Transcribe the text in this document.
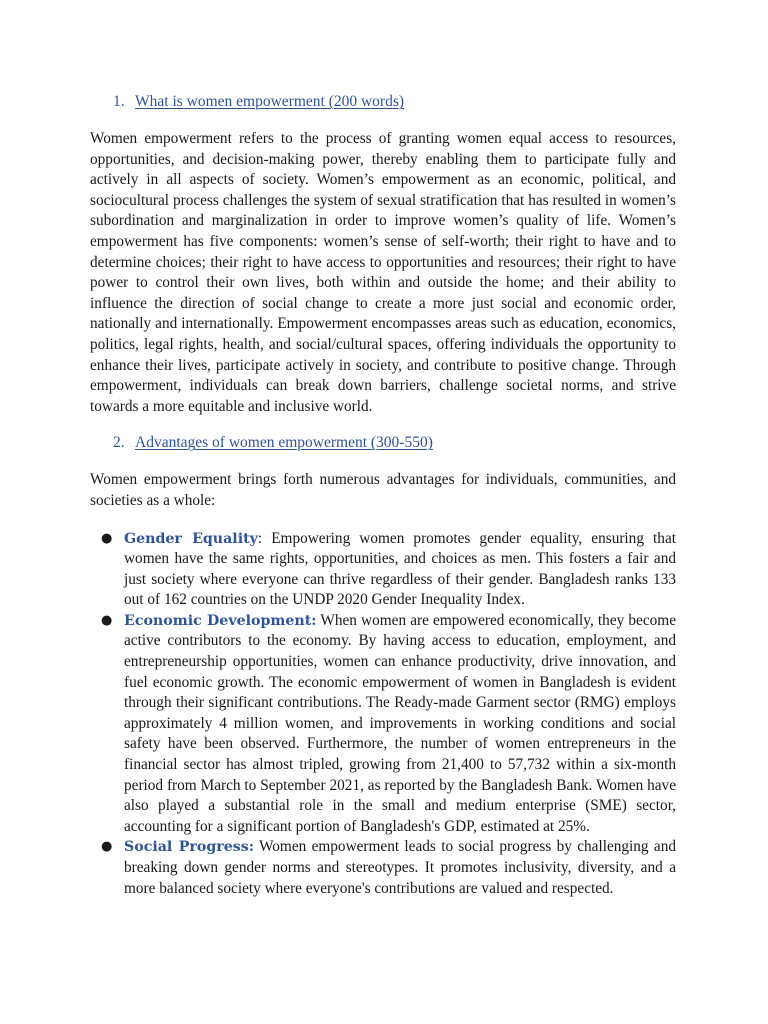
1. What is women empowerment (200 words)

Women empowerment refers to the process of granting women equal access to resources, opportunities, and decision-making power, thereby enabling them to participate fully and actively in all aspects of society. Women’s empowerment as an economic, political, and sociocultural process challenges the system of sexual stratification that has resulted in women’s subordination and marginalization in order to improve women’s quality of life. Women’s empowerment has five components: women’s sense of self-worth; their right to have and to determine choices; their right to have access to opportunities and resources; their right to have power to control their own lives, both within and outside the home; and their ability to influence the direction of social change to create a more just social and economic order, nationally and internationally. Empowerment encompasses areas such as education, economics, politics, legal rights, health, and social/cultural spaces, offering individuals the opportunity to enhance their lives, participate actively in society, and contribute to positive change. Through empowerment, individuals can break down barriers, challenge societal norms, and strive towards a more equitable and inclusive world.

2. Advantages of women empowerment (300-550)

Women empowerment brings forth numerous advantages for individuals, communities, and societies as a whole:

● Gender Equality: Empowering women promotes gender equality, ensuring that women have the same rights, opportunities, and choices as men. This fosters a fair and just society where everyone can thrive regardless of their gender. Bangladesh ranks 133 out of 162 countries on the UNDP 2020 Gender Inequality Index.
● Economic Development: When women are empowered economically, they become active contributors to the economy. By having access to education, employment, and entrepreneurship opportunities, women can enhance productivity, drive innovation, and fuel economic growth. The economic empowerment of women in Bangladesh is evident through their significant contributions. The Ready-made Garment sector (RMG) employs approximately 4 million women, and improvements in working conditions and social safety have been observed. Furthermore, the number of women entrepreneurs in the financial sector has almost tripled, growing from 21,400 to 57,732 within a six-month period from March to September 2021, as reported by the Bangladesh Bank. Women have also played a substantial role in the small and medium enterprise (SME) sector, accounting for a significant portion of Bangladesh's GDP, estimated at 25%.
● Social Progress: Women empowerment leads to social progress by challenging and breaking down gender norms and stereotypes. It promotes inclusivity, diversity, and a more balanced society where everyone's contributions are valued and respected.
